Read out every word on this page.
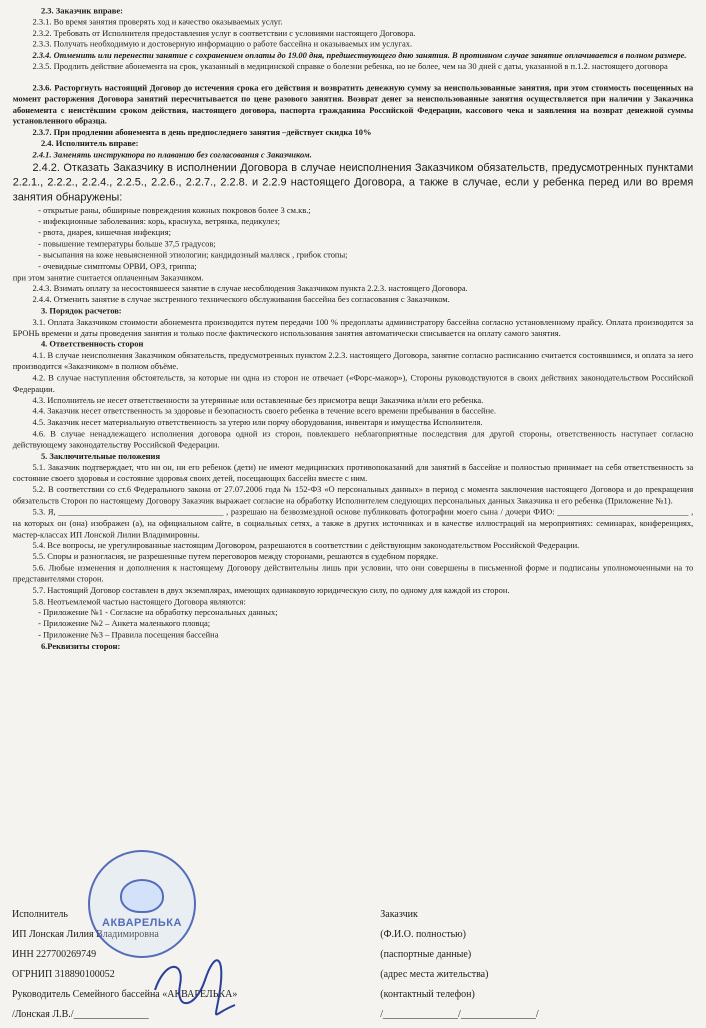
2.3. Заказчик вправе:
2.3.1. Во время занятия проверять ход и качество оказываемых услуг.
2.3.2. Требовать от Исполнителя предоставления услуг в соответствии с условиями настоящего Договора.
2.3.3. Получать необходимую и достоверную информацию о работе бассейна и оказываемых им услугах.
2.3.4. Отменить или перенести занятие с сохранением оплаты до 19.00 дня, предшествующего дню занятия. В противном случае занятие оплачивается в полном размере.
2.3.5. Продлить действие абонемента на срок, указанный в медицинской справке о болезни ребенка, но не более, чем на 30 дней с даты, указанной в п.1.2. настоящего договора
2.3.6. Расторгнуть настоящий Договор до истечения срока его действия и возвратить денежную сумму за неиспользованные занятия, при этом стоимость посещенных на момент расторжения Договора занятий пересчитывается по цене разового занятия. Возврат денег за неиспользованные занятия осуществляется при наличии у Заказчика абонемента с неистёкшим сроком действия, настоящего договора, паспорта гражданина Российской Федерации, кассового чека и заявления на возврат денежной суммы установленного образца.
2.3.7. При продлении абонемента в день предпоследнего занятия –действует скидка 10%
2.4. Исполнитель вправе:
2.4.1. Заменять инструктора по плаванию без согласования с Заказчиком.
2.4.2. Отказать Заказчику в исполнении Договора в случае неисполнения Заказчиком обязательств, предусмотренных пунктами 2.2.1., 2.2.2., 2.2.4., 2.2.5., 2.2.6., 2.2.7., 2.2.8. и 2.2.9 настоящего Договора, а также в случае, если у ребенка перед или во время занятия обнаружены:
- открытые раны, обширные повреждения кожных покровов более 3 см.кв.;
- инфекционные заболевания: корь, краснуха, ветрянка, педикулез;
- рвота, диарея, кишечная инфекция;
- повышение температуры больше 37,5 градусов;
- высыпания на коже невыясненной этиологии; кандидозный малляск , грибок стопы;
- очевидные симптомы ОРВИ, ОРЗ, гриппа;
при этом занятие считается оплаченным Заказчиком.
2.4.3. Взимать оплату за несостоявшееся занятие в случае несоблюдения Заказчиком пункта 2.2.3. настоящего Договора.
2.4.4. Отменить занятие в случае экстренного технического обслуживания бассейна без согласования с Заказчиком.
3. Порядок расчетов:
3.1. Оплата Заказчиком стоимости абонемента производится путем передачи 100 % предоплаты администратору бассейна согласно установленному прайсу. Оплата производится за БРОНЬ времени и даты проведения занятия и только после фактического использования занятия автоматически списывается на оплату самого занятия.
4. Ответственность сторон
4.1. В случае неисполнения Заказчиком обязательств, предусмотренных пунктом 2.2.3. настоящего Договора, занятие согласно расписанию считается состоявшимся, и оплата за него производится «Заказчиком» в полном объёме.
4.2. В случае наступления обстоятельств, за которые ни одна из сторон не отвечает («Форс-мажор»), Стороны руководствуются в своих действиях законодательством Российской Федерации.
4.3. Исполнитель не несет ответственности за утерянные или оставленные без присмотра вещи Заказчика и/или его ребенка.
4.4. Заказчик несет ответственность за здоровье и безопасность своего ребенка в течение всего времени пребывания в бассейне.
4.5. Заказчик несет материальную ответственность за утерю или порчу оборудования, инвентаря и имущества Исполнителя.
4.6. В случае ненадлежащего исполнения договора одной из сторон, повлекшего неблагоприятные последствия для другой стороны, ответственность наступает согласно действующему законодательству Российской Федерации.
5. Заключительные положения
5.1. Заказчик подтверждает, что ни он, ни его ребенок (дети) не имеют медицинских противопоказаний для занятий в бассейне и полностью принимает на себя ответственность за состояние своего здоровья и состояние здоровья своих детей, посещающих бассейн вместе с ним.
5.2. В соответствии со ст.6 Федерального закона от 27.07.2006 года № 152-ФЗ «О персональных данных» в период с момента заключения настоящего Договора и до прекращения обязательств Сторон по настоящему Договору Заказчик выражает согласие на обработку Исполнителем следующих персональных данных Заказчика и его ребенка (Приложение №1).
5.3. Я, _______________________________________ , разрешаю на безвозмездной основе публиковать фотографии моего сына / дочери ФИО: _______________________________ , на которых он (она) изображен (а), на официальном сайте, в социальных сетях, а также в других источниках и в качестве иллюстраций на мероприятиях: семинарах, конференциях, мастер-классах ИП Лонской Лилии Владимировны.
5.4. Все вопросы, не урегулированные настоящим Договором, разрешаются в соответствии с действующим законодательством Российской Федерации.
5.5. Споры и разногласия, не разрешенные путем переговоров между сторонами, решаются в судебном порядке.
5.6. Любые изменения и дополнения к настоящему Договору действительны лишь при условии, что они совершены в письменной форме и подписаны уполномоченными на то представителями сторон.
5.7. Настоящий Договор составлен в двух экземплярах, имеющих одинаковую юридическую силу, по одному для каждой из сторон.
5.8. Неотъемлемой частью настоящего Договора являются:
- Приложение №1 - Согласие на обработку персональных данных;
- Приложение №2 – Анкета маленького пловца;
- Приложение №3 – Правила посещения бассейна
6.Реквизиты сторон:
Исполнитель
ИП Лонская Лилия Владимировна
ИНН 227700269749
ОГРНИП 318890100052
Руководитель Семейного бассейна «АКВАРЕЛЬКА»
/Лонская Л.В./_______________
Заказчик
(Ф.И.О. полностью)
(паспортные данные)
(адрес места жительства)
(контактный телефон)
/_______________/_______________/
АКВАРЕЛЬКА
